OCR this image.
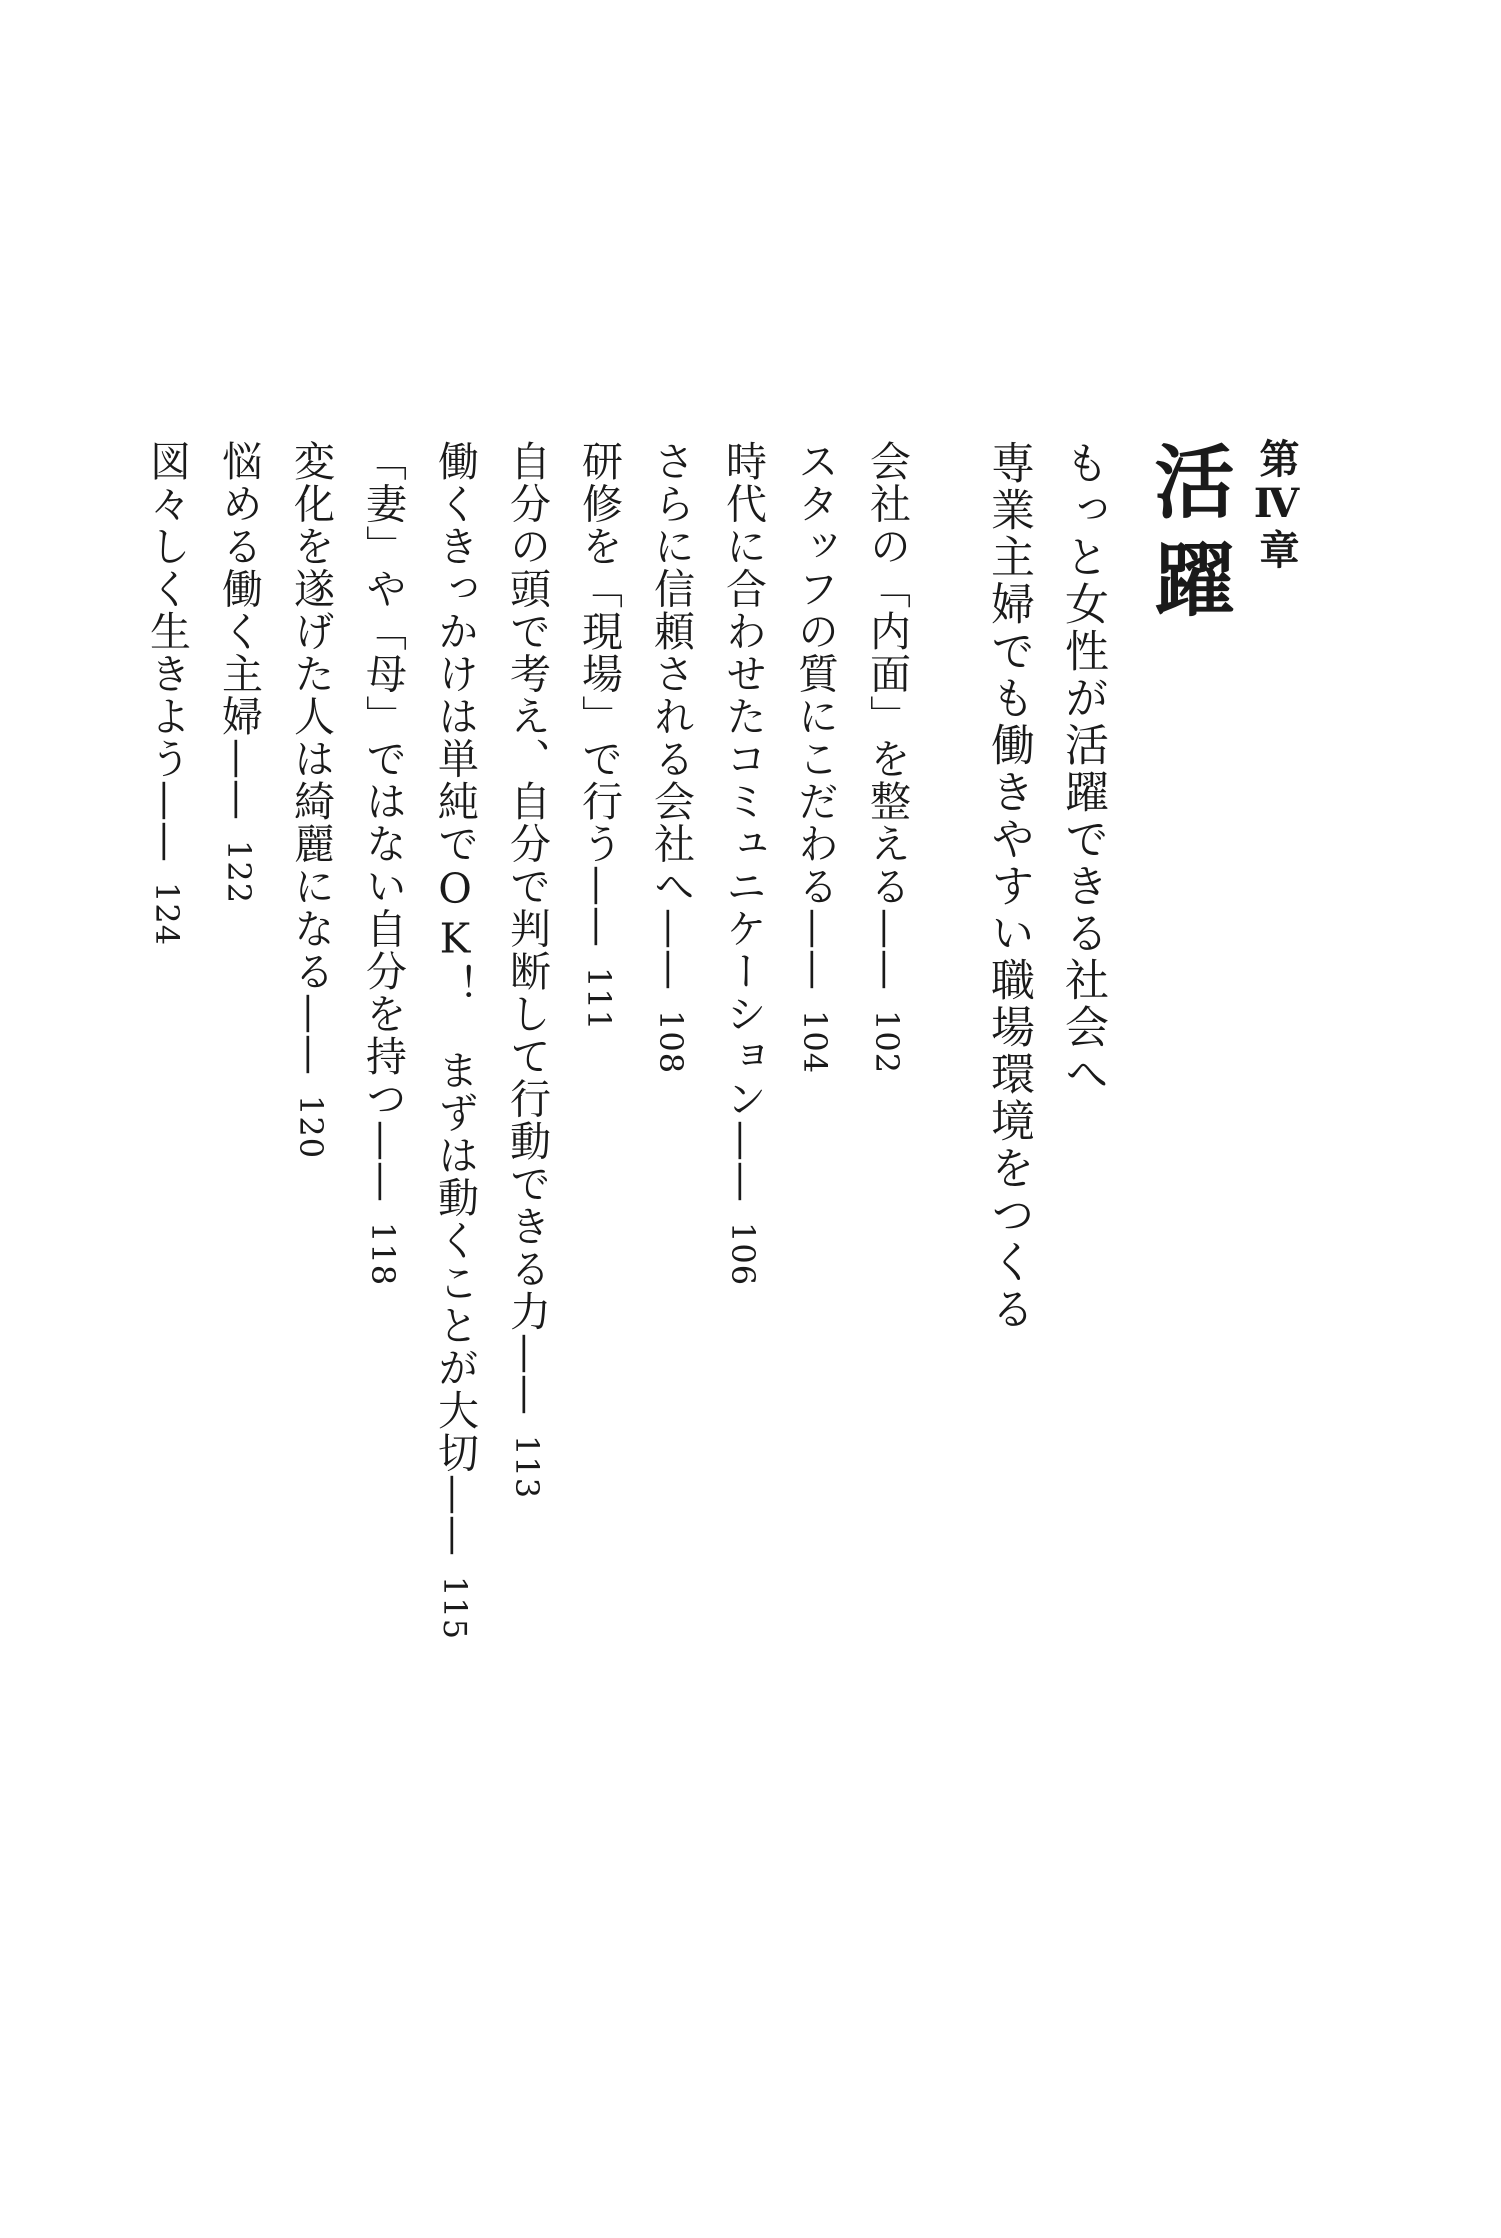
第Ⅳ章
活躍
もっと女性が活躍できる社会へ
専業主婦でも働きやすい職場環境をつくる
会社の「内面」を整える——102
スタッフの質にこだわる——104
時代に合わせたコミュニケーション——106
さらに信頼される会社へ——108
研修を「現場」で行う——111
自分の頭で考え、自分で判断して行動できる力——113
働くきっかけは単純でOK！　まずは動くことが大切——115
「妻」や「母」ではない自分を持つ——118
変化を遂げた人は綺麗になる——120
悩める働く主婦——122
図々しく生きよう——124
